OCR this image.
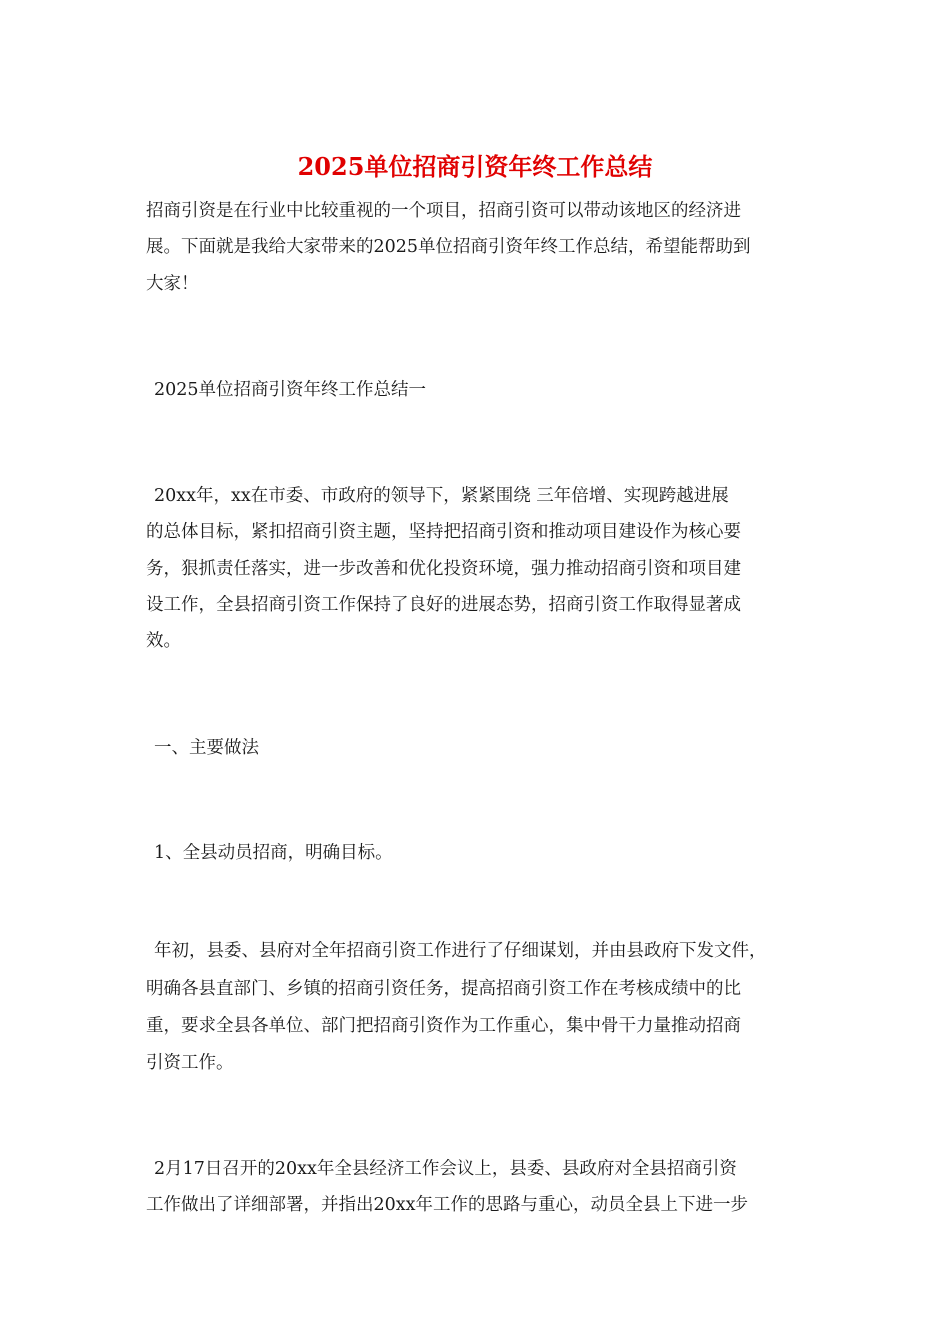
2025单位招商引资年终工作总结
招商引资是在行业中比较重视的一个项目，招商引资可以带动该地区的经济进
展。下面就是我给大家带来的2025单位招商引资年终工作总结，希望能帮助到
大家！
2025单位招商引资年终工作总结一
20xx年，xx在市委、市政府的领导下，紧紧围绕 三年倍增、实现跨越进展
的总体目标，紧扣招商引资主题，坚持把招商引资和推动项目建设作为核心要
务，狠抓责任落实，进一步改善和优化投资环境，强力推动招商引资和项目建
设工作，全县招商引资工作保持了良好的进展态势，招商引资工作取得显著成
效。
一、主要做法
1、全县动员招商，明确目标。
年初，县委、县府对全年招商引资工作进行了仔细谋划，并由县政府下发文件，
明确各县直部门、乡镇的招商引资任务，提高招商引资工作在考核成绩中的比
重，要求全县各单位、部门把招商引资作为工作重心，集中骨干力量推动招商
引资工作。
2月17日召开的20xx年全县经济工作会议上，县委、县政府对全县招商引资
工作做出了详细部署，并指出20xx年工作的思路与重心，动员全县上下进一步
